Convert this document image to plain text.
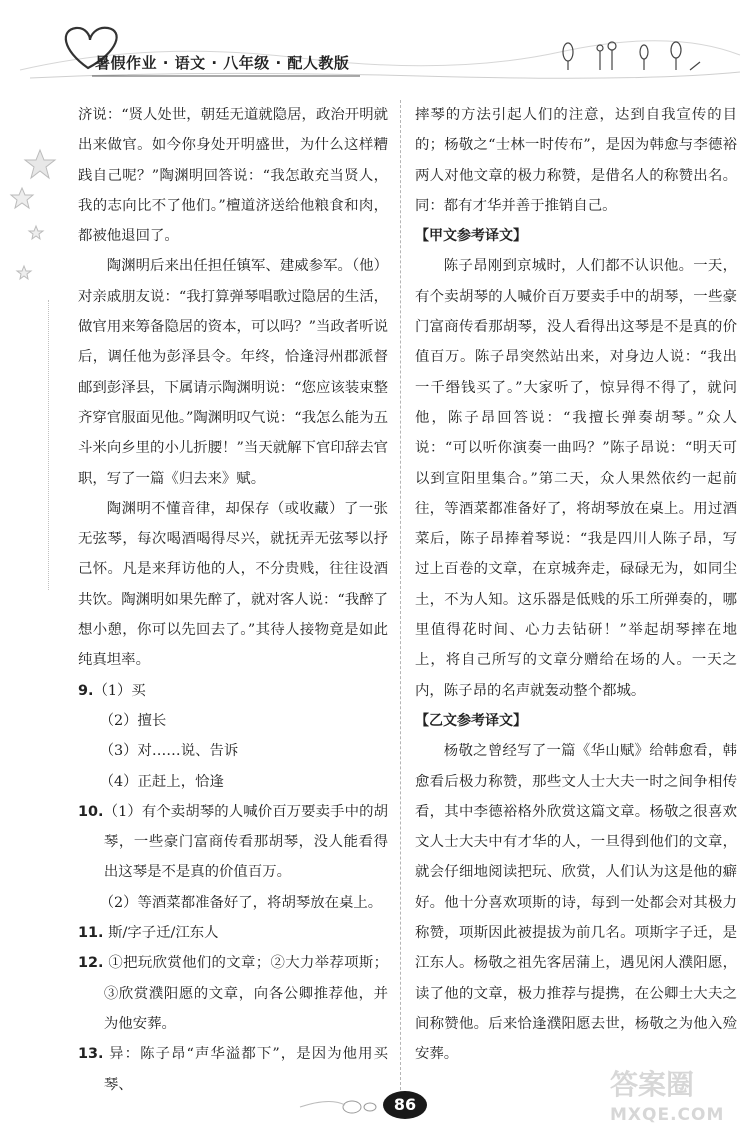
暑假作业 · 语文 · 八年级 · 配人教版

济说：“贤人处世，朝廷无道就隐居，政治开明就出来做官。如今你身处开明盛世，为什么这样糟践自己呢？”陶渊明回答说：“我怎敢充当贤人，我的志向比不了他们。”檀道济送给他粮食和肉，都被他退回了。

陶渊明后来出任担任镇军、建威参军。（他）对亲戚朋友说：“我打算弹琴唱歌过隐居的生活，做官用来筹备隐居的资本，可以吗？”当政者听说后，调任他为彭泽县令。年终，恰逢浔州郡派督邮到彭泽县，下属请示陶渊明说：“您应该装束整齐穿官服面见他。”陶渊明叹气说：“我怎么能为五斗米向乡里的小儿折腰！”当天就解下官印辞去官职，写了一篇《归去来》赋。

陶渊明不懂音律，却保存（或收藏）了一张无弦琴，每次喝酒喝得尽兴，就抚弄无弦琴以抒己怀。凡是来拜访他的人，不分贵贱，往往设酒共饮。陶渊明如果先醉了，就对客人说：“我醉了想小憩，你可以先回去了。”其待人接物竟是如此纯真坦率。

9.（1）买

（2）擅长

（3）对……说、告诉

（4）正赶上，恰逢

10.（1）有个卖胡琴的人喊价百万要卖手中的胡琴，一些豪门富商传看那胡琴，没人能看得出这琴是不是真的价值百万。

（2）等酒菜都准备好了，将胡琴放在桌上。

11. 斯/字子迁/江东人

12. ①把玩欣赏他们的文章；②大力举荐项斯；③欣赏濮阳愿的文章，向各公卿推荐他，并为他安葬。

13. 异：陈子昂“声华溢都下”，是因为他用买琴、

摔琴的方法引起人们的注意，达到自我宣传的目的；杨敬之“士林一时传布”，是因为韩愈与李德裕两人对他文章的极力称赞，是借名人的称赞出名。同：都有才华并善于推销自己。

【甲文参考译文】

陈子昂刚到京城时，人们都不认识他。一天，有个卖胡琴的人喊价百万要卖手中的胡琴，一些豪门富商传看那胡琴，没人看得出这琴是不是真的价值百万。陈子昂突然站出来，对身边人说：“我出一千缗钱买了。”大家听了，惊异得不得了，就问他，陈子昂回答说：“我擅长弹奏胡琴。”众人说：“可以听你演奏一曲吗？”陈子昂说：“明天可以到宣阳里集合。”第二天，众人果然依约一起前往，等酒菜都准备好了，将胡琴放在桌上。用过酒菜后，陈子昂捧着琴说：“我是四川人陈子昂，写过上百卷的文章，在京城奔走，碌碌无为，如同尘土，不为人知。这乐器是低贱的乐工所弹奏的，哪里值得花时间、心力去钻研！”举起胡琴摔在地上，将自己所写的文章分赠给在场的人。一天之内，陈子昂的名声就轰动整个都城。

【乙文参考译文】

杨敬之曾经写了一篇《华山赋》给韩愈看，韩愈看后极力称赞，那些文人士大夫一时之间争相传看，其中李德裕格外欣赏这篇文章。杨敬之很喜欢文人士大夫中有才华的人，一旦得到他们的文章，就会仔细地阅读把玩、欣赏，人们认为这是他的癖好。他十分喜欢项斯的诗，每到一处都会对其极力称赞，项斯因此被提拔为前几名。项斯字子迁，是江东人。杨敬之祖先客居蒲上，遇见闲人濮阳愿，读了他的文章，极力推荐与提携，在公卿士大夫之间称赞他。后来恰逢濮阳愿去世，杨敬之为他入殓安葬。

86
答案圈
MXQE.COM
